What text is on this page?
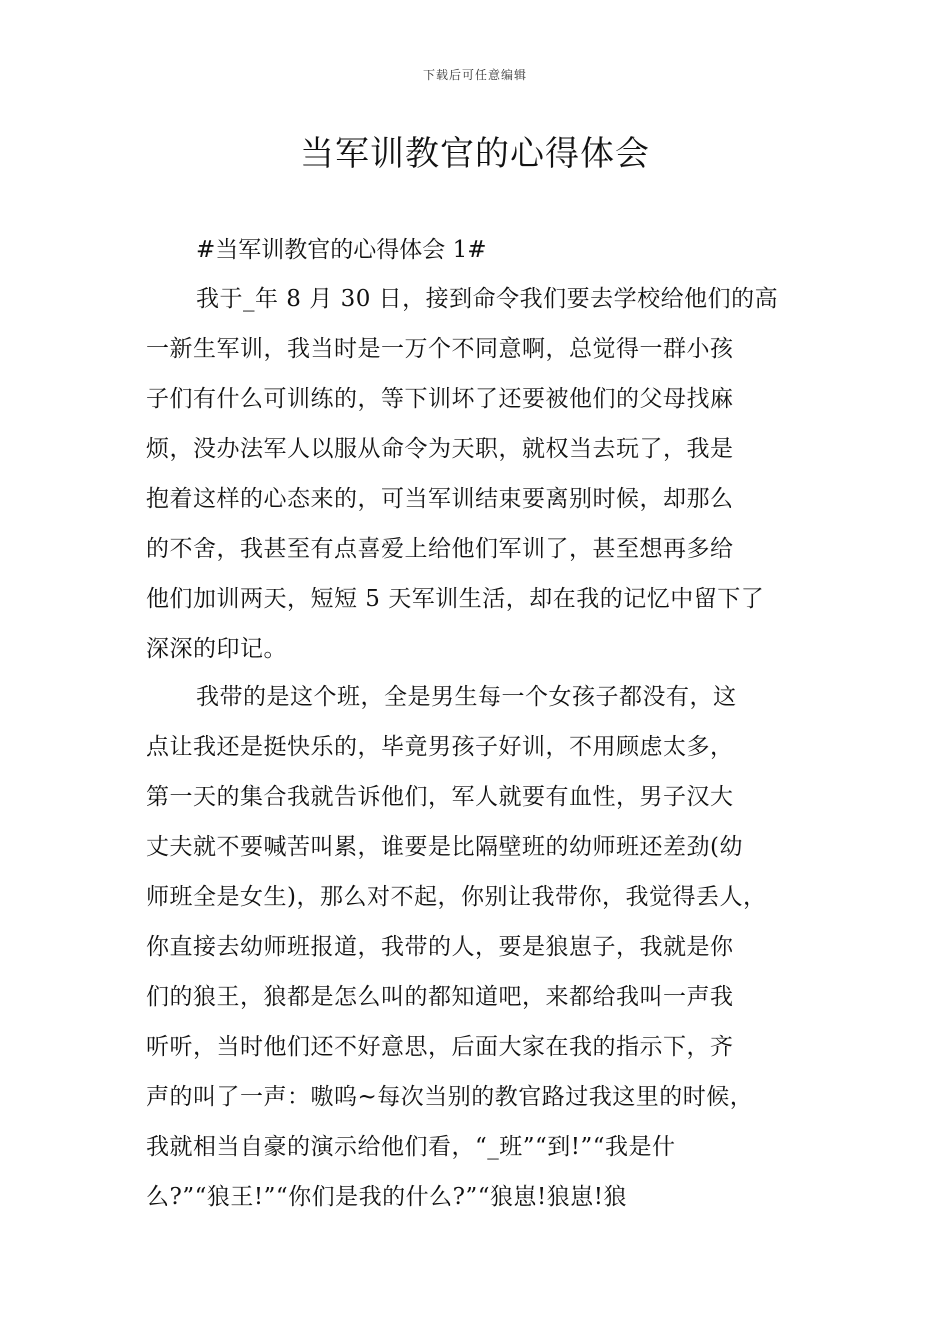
下载后可任意编辑
当军训教官的心得体会

#当军训教官的心得体会 1#

我于_年 8 月 30 日，接到命令我们要去学校给他们的高
一新生军训，我当时是一万个不同意啊，总觉得一群小孩
子们有什么可训练的，等下训坏了还要被他们的父母找麻
烦，没办法军人以服从命令为天职，就权当去玩了，我是
抱着这样的心态来的，可当军训结束要离别时候，却那么
的不舍，我甚至有点喜爱上给他们军训了，甚至想再多给
他们加训两天，短短 5 天军训生活，却在我的记忆中留下了
深深的印记。
我带的是这个班，全是男生每一个女孩子都没有，这
点让我还是挺快乐的，毕竟男孩子好训，不用顾虑太多，
第一天的集合我就告诉他们，军人就要有血性，男子汉大
丈夫就不要喊苦叫累，谁要是比隔壁班的幼师班还差劲(幼
师班全是女生)，那么对不起，你别让我带你，我觉得丢人，
你直接去幼师班报道，我带的人，要是狼崽子，我就是你
们的狼王，狼都是怎么叫的都知道吧，来都给我叫一声我
听听，当时他们还不好意思，后面大家在我的指示下，齐
声的叫了一声：嗷呜~每次当别的教官路过我这里的时候，
我就相当自豪的演示给他们看，“_班”“到!”“我是什
么?”“狼王!”“你们是我的什么?”“狼崽!狼崽!狼
